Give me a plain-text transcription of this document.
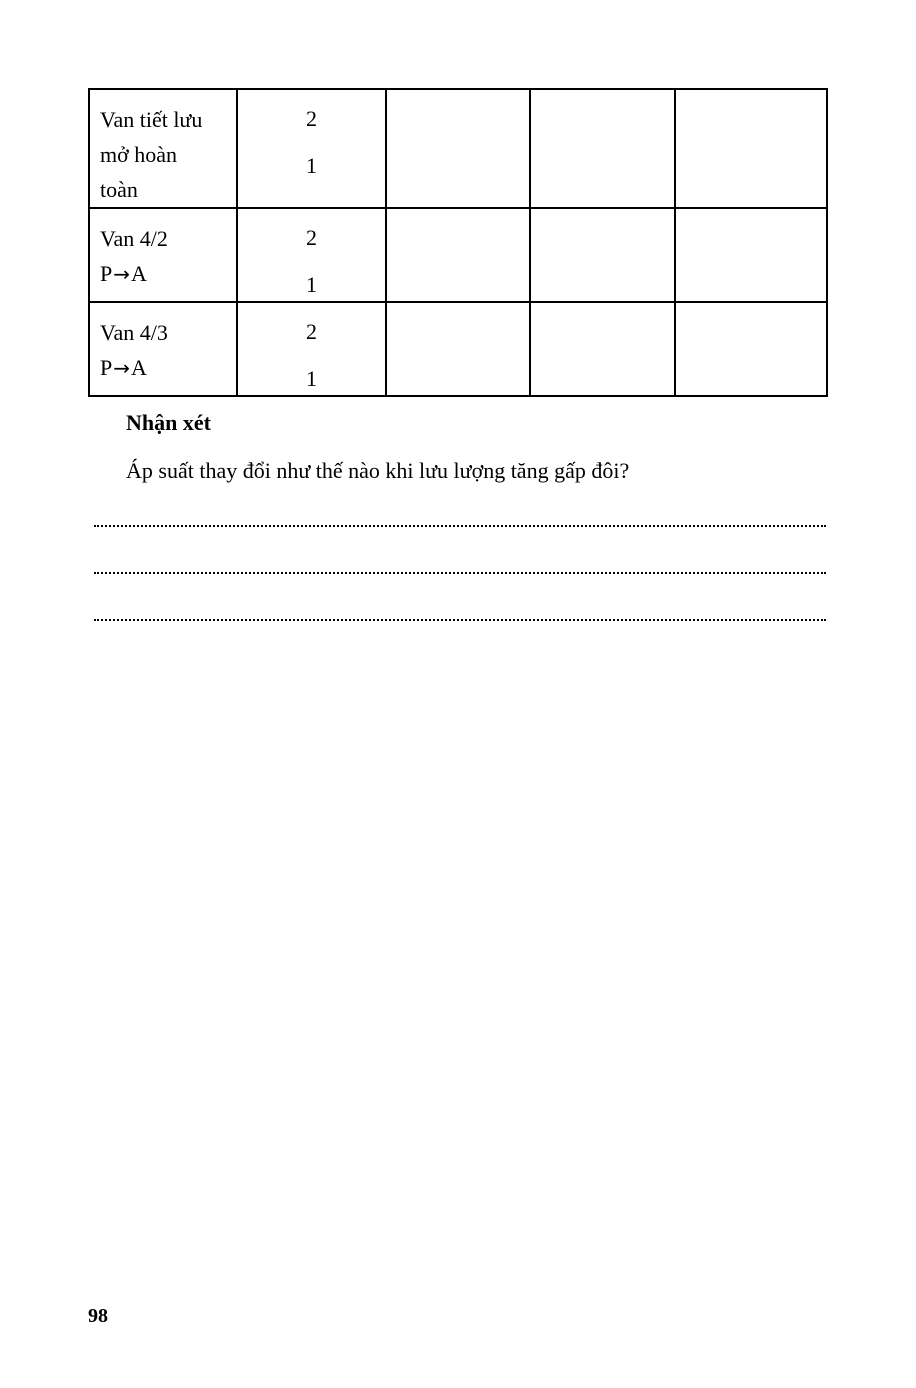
Van tiết lưu
mở hoàn
toàn	2
1			

Van 4/2
P→A	2
1			

Van 4/3
P→A	2
1			

Nhận xét
Áp suất thay đổi như thế nào khi lưu lượng tăng gấp đôi?
98
